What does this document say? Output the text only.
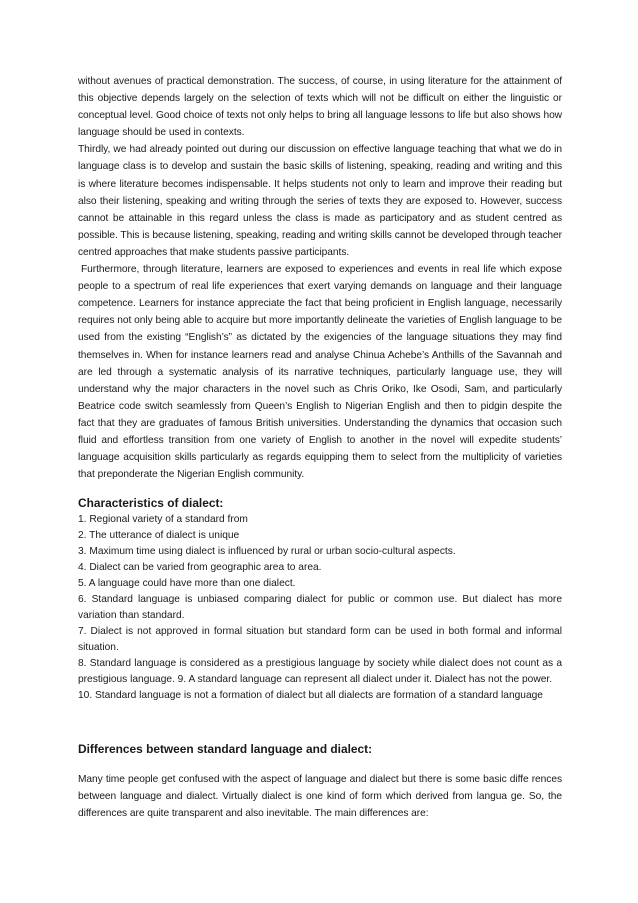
without avenues of practical demonstration. The success, of course, in using literature for the attainment of this objective depends largely on the selection of texts which will not be difficult on either the linguistic or conceptual level. Good choice of texts not only helps to bring all language lessons to life but also shows how language should be used in contexts.

Thirdly, we had already pointed out during our discussion on effective language teaching that what we do in language class is to develop and sustain the basic skills of listening, speaking, reading and writing and this is where literature becomes indispensable. It helps students not only to learn and improve their reading but also their listening, speaking and writing through the series of texts they are exposed to. However, success cannot be attainable in this regard unless the class is made as participatory and as student centred as possible. This is because listening, speaking, reading and writing skills cannot be developed through teacher centred approaches that make students passive participants.

Furthermore, through literature, learners are exposed to experiences and events in real life which expose people to a spectrum of real life experiences that exert varying demands on language and their language competence. Learners for instance appreciate the fact that being proficient in English language, necessarily requires not only being able to acquire but more importantly delineate the varieties of English language to be used from the existing “English’s” as dictated by the exigencies of the language situations they may find themselves in. When for instance learners read and analyse Chinua Achebe’s Anthills of the Savannah and are led through a systematic analysis of its narrative techniques, particularly language use, they will understand why the major characters in the novel such as Chris Oriko, Ike Osodi, Sam, and particularly Beatrice code switch seamlessly from Queen’s English to Nigerian English and then to pidgin despite the fact that they are graduates of famous British universities. Understanding the dynamics that occasion such fluid and effortless transition from one variety of English to another in the novel will expedite students’ language acquisition skills particularly as regards equipping them to select from the multiplicity of varieties that preponderate the Nigerian English community.

Characteristics of dialect:
1. Regional variety of a standard from
2. The utterance of dialect is unique
3. Maximum time using dialect is influenced by rural or urban socio-cultural aspects.
4. Dialect can be varied from geographic area to area.
5. A language could have more than one dialect.
6. Standard language is unbiased comparing dialect for public or common use. But dialect has more variation than standard.
7. Dialect is not approved in formal situation but standard form can be used in both formal and informal situation.
8. Standard language is considered as a prestigious language by society while dialect does not count as a prestigious language. 9. A standard language can represent all dialect under it. Dialect has not the power.
10. Standard language is not a formation of dialect but all dialects are formation of a standard language
Differences between standard language and dialect:

Many time people get confused with the aspect of language and dialect but there is some basic diffe rences between language and dialect. Virtually dialect is one kind of form which derived from langua ge. So, the differences are quite transparent and also inevitable. The main differences are:
